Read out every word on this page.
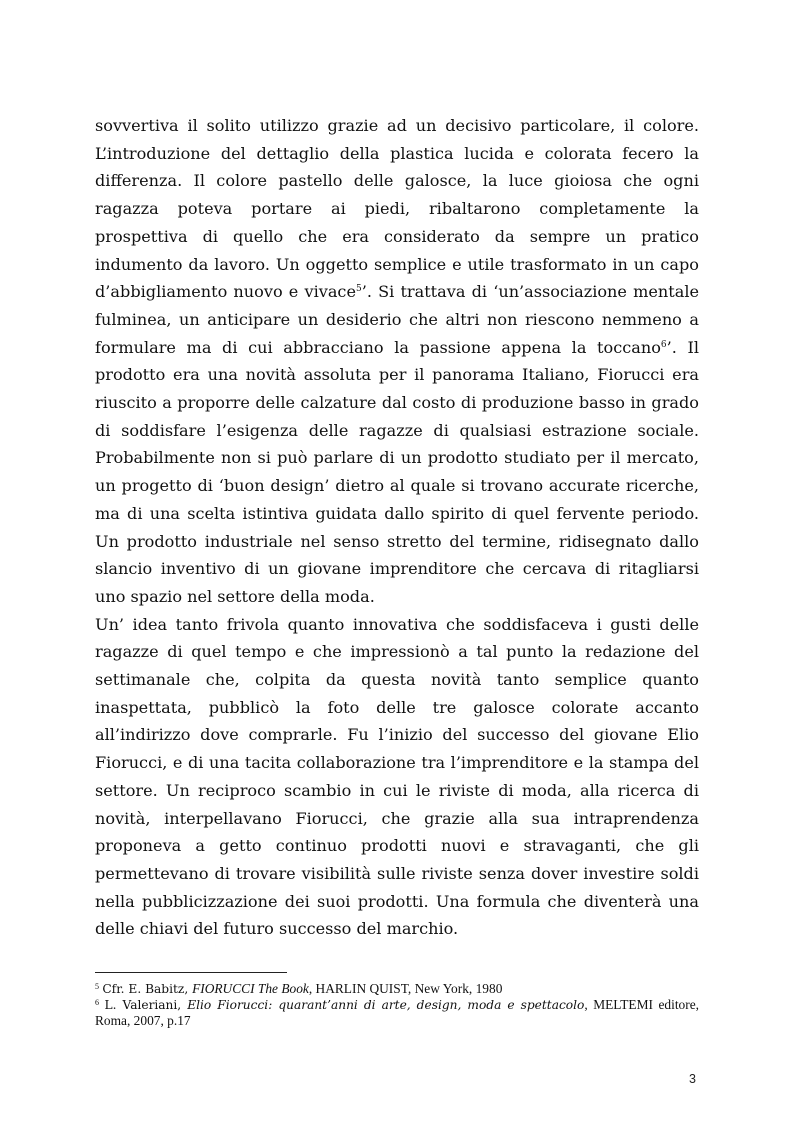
sovvertiva il solito utilizzo grazie ad un decisivo particolare, il colore. L’introduzione del dettaglio della plastica lucida e colorata fecero la differenza. Il colore pastello delle galosce, la luce gioiosa che ogni ragazza poteva portare ai piedi, ribaltarono completamente la prospettiva di quello che era considerato da sempre un pratico indumento da lavoro. Un oggetto semplice e utile trasformato in un capo d’abbigliamento nuovo e vivace$^5$’. Si trattava di ‘un’associazione mentale fulminea, un anticipare un desiderio che altri non riescono nemmeno a formulare ma di cui abbracciano la passione appena la toccano$^6$’. Il prodotto era una novità assoluta per il panorama Italiano, Fiorucci era riuscito a proporre delle calzature dal costo di produzione basso in grado di soddisfare l’esigenza delle ragazze di qualsiasi estrazione sociale. Probabilmente non si può parlare di un prodotto studiato per il mercato, un progetto di ‘buon design’ dietro al quale si trovano accurate ricerche, ma di una scelta istintiva guidata dallo spirito di quel fervente periodo. Un prodotto industriale nel senso stretto del termine, ridisegnato dallo slancio inventivo di un giovane imprenditore che cercava di ritagliarsi uno spazio nel settore della moda.

Un’ idea tanto frivola quanto innovativa che soddisfaceva i gusti delle ragazze di quel tempo e che impressionò a tal punto la redazione del settimanale che, colpita da questa novità tanto semplice quanto inaspettata, pubblicò la foto delle tre galosce colorate accanto all’indirizzo dove comprarle. Fu l’inizio del successo del giovane Elio Fiorucci, e di una tacita collaborazione tra l’imprenditore e la stampa del settore. Un reciproco scambio in cui le riviste di moda, alla ricerca di novità, interpellavano Fiorucci, che grazie alla sua intraprendenza proponeva a getto continuo prodotti nuovi e stravaganti, che gli permettevano di trovare visibilità sulle riviste senza dover investire soldi nella pubblicizzazione dei suoi prodotti. Una formula che diventerà una delle chiavi del futuro successo del marchio.

$^5$ Cfr. E. Babitz, FIORUCCI The Book, HARLIN QUIST, New York, 1980

$^6$ L. Valeriani, Elio Fiorucci: quarant’anni di arte, design, moda e spettacolo, MELTEMI editore, Roma, 2007, p.17

3
